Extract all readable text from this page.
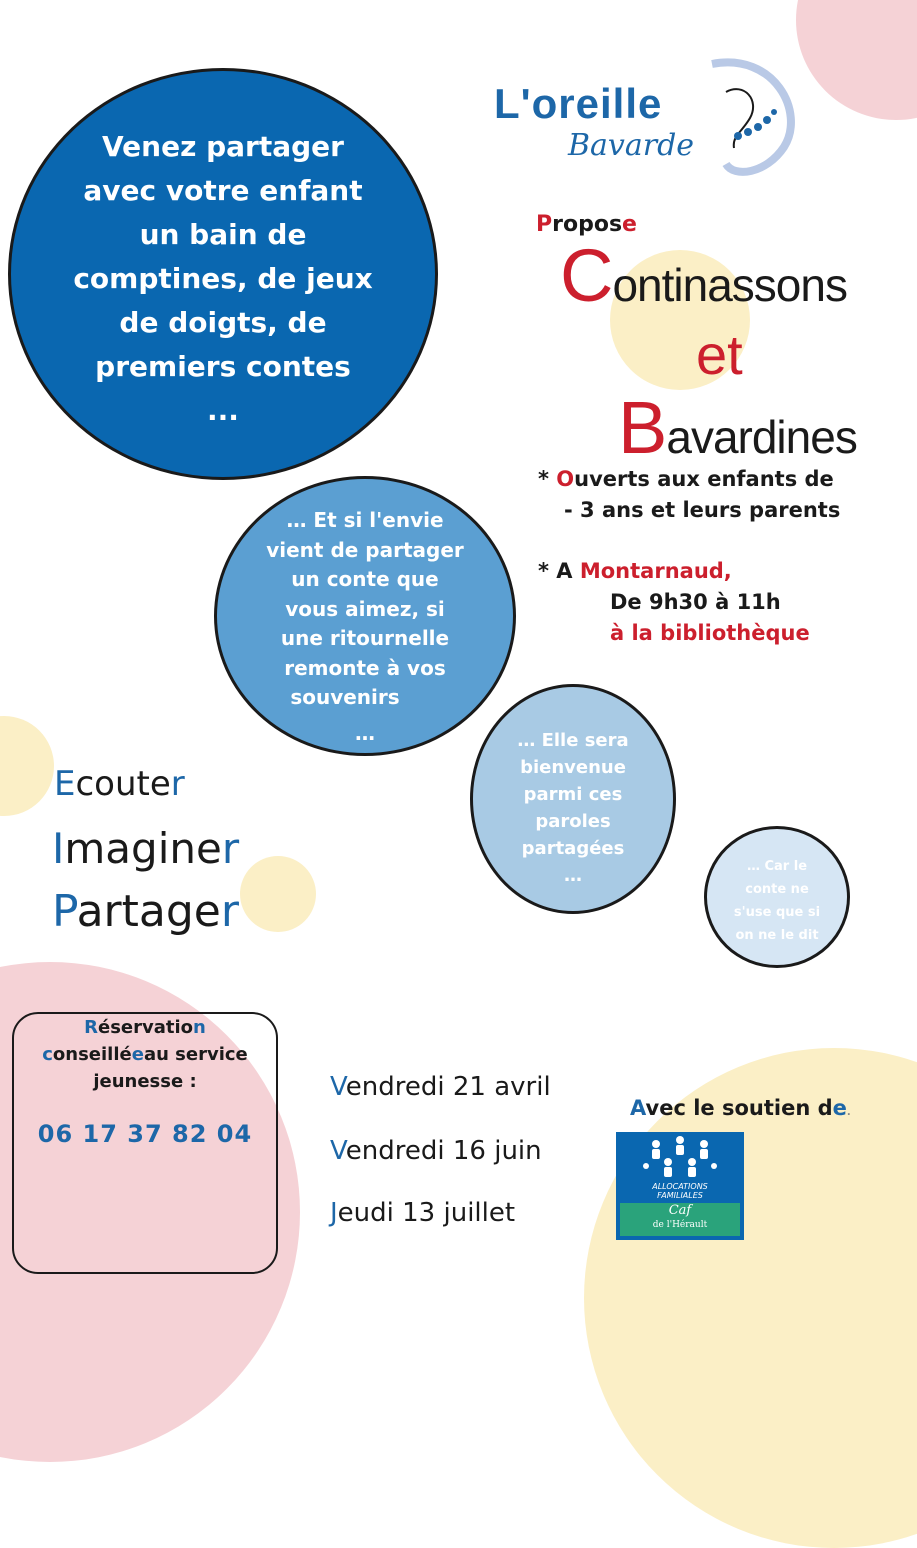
L'oreille
Bavarde
Venez partager
avec votre enfant
un bain de
comptines, de jeux
de doigts, de
premiers contes
...
Propose
Continassons
et
Bavardines
* Ouverts aux enfants de
- 3 ans et leurs parents
* A Montarnaud,
De 9h30 à 11h
à la bibliothèque
… Et si l'envie
vient de partager
un conte que
vous aimez, si
une ritournelle
remonte à vos
souvenirs
…	… Elle sera
bienvenue
parmi ces
paroles
partagées
…	… Car le
conte ne
s'use que si
on ne le dit
Ecouter
Imaginer
Partager
Réservation
conseilléeau service
jeunesse :
06 17 37 82 04
Vendredi 21 avril
Vendredi 16 juin
Jeudi 13 juillet
Avec le soutien de.
ALLOCATIONS
FAMILIALES
Caf
de l'Hérault
